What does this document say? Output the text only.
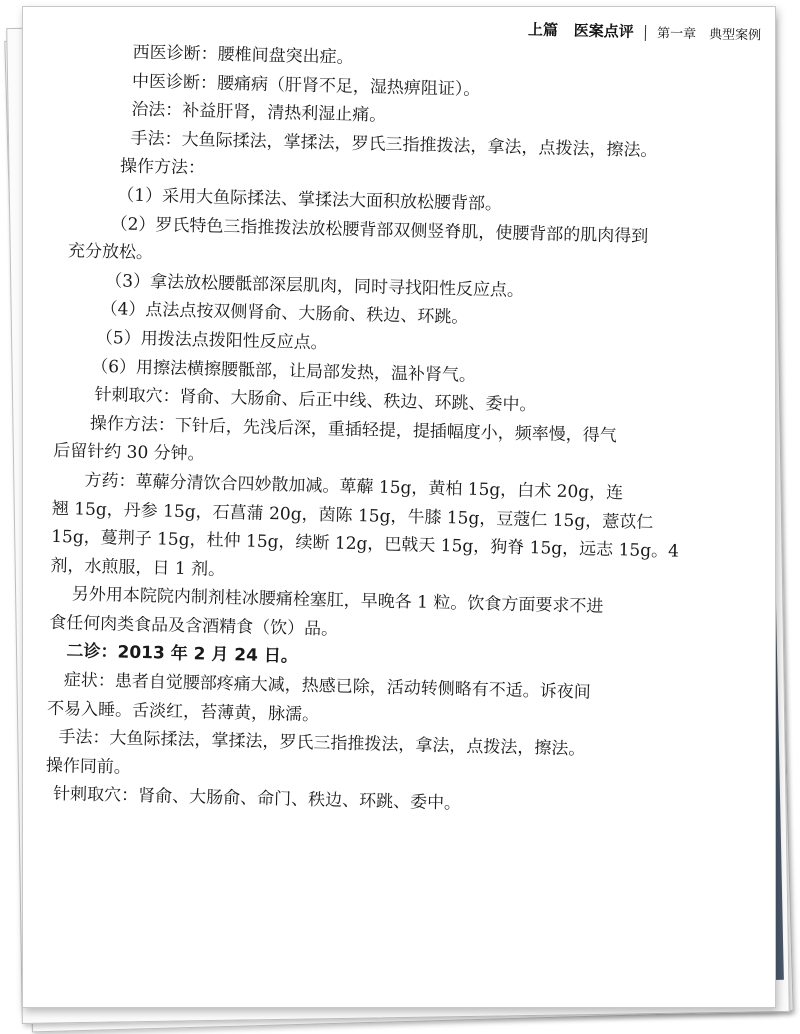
上篇 医案点评 第一章　典型案例

西医诊断：腰椎间盘突出症。

中医诊断：腰痛病（肝肾不足，湿热痹阻证）。

治法：补益肝肾，清热利湿止痛。

手法：大鱼际揉法，掌揉法，罗氏三指推拨法，拿法，点拨法，擦法。

操作方法：

（1）采用大鱼际揉法、掌揉法大面积放松腰背部。

（2）罗氏特色三指推拨法放松腰背部双侧竖脊肌，使腰背部的肌肉得到

充分放松。

（3）拿法放松腰骶部深层肌肉，同时寻找阳性反应点。

（4）点法点按双侧肾俞、大肠俞、秩边、环跳。

（5）用拨法点拨阳性反应点。

（6）用擦法横擦腰骶部，让局部发热，温补肾气。

针刺取穴：肾俞、大肠俞、后正中线、秩边、环跳、委中。

操作方法：下针后，先浅后深，重插轻提，提插幅度小，频率慢，得气

后留针约 30 分钟。

方药：萆薢分清饮合四妙散加减。萆薢 15g，黄柏 15g，白术 20g，连

翘 15g，丹参 15g，石菖蒲 20g，茵陈 15g，牛膝 15g，豆蔻仁 15g，薏苡仁

15g，蔓荆子 15g，杜仲 15g，续断 12g，巴戟天 15g，狗脊 15g，远志 15g。4

剂，水煎服，日 1 剂。

另外用本院院内制剂桂冰腰痛栓塞肛，早晚各 1 粒。饮食方面要求不进

食任何肉类食品及含酒精食（饮）品。

二诊：2013 年 2 月 24 日。

症状：患者自觉腰部疼痛大减，热感已除，活动转侧略有不适。诉夜间

不易入睡。舌淡红，苔薄黄，脉濡。

手法：大鱼际揉法，掌揉法，罗氏三指推拨法，拿法，点拨法，擦法。

操作同前。

针刺取穴：肾俞、大肠俞、命门、秩边、环跳、委中。
